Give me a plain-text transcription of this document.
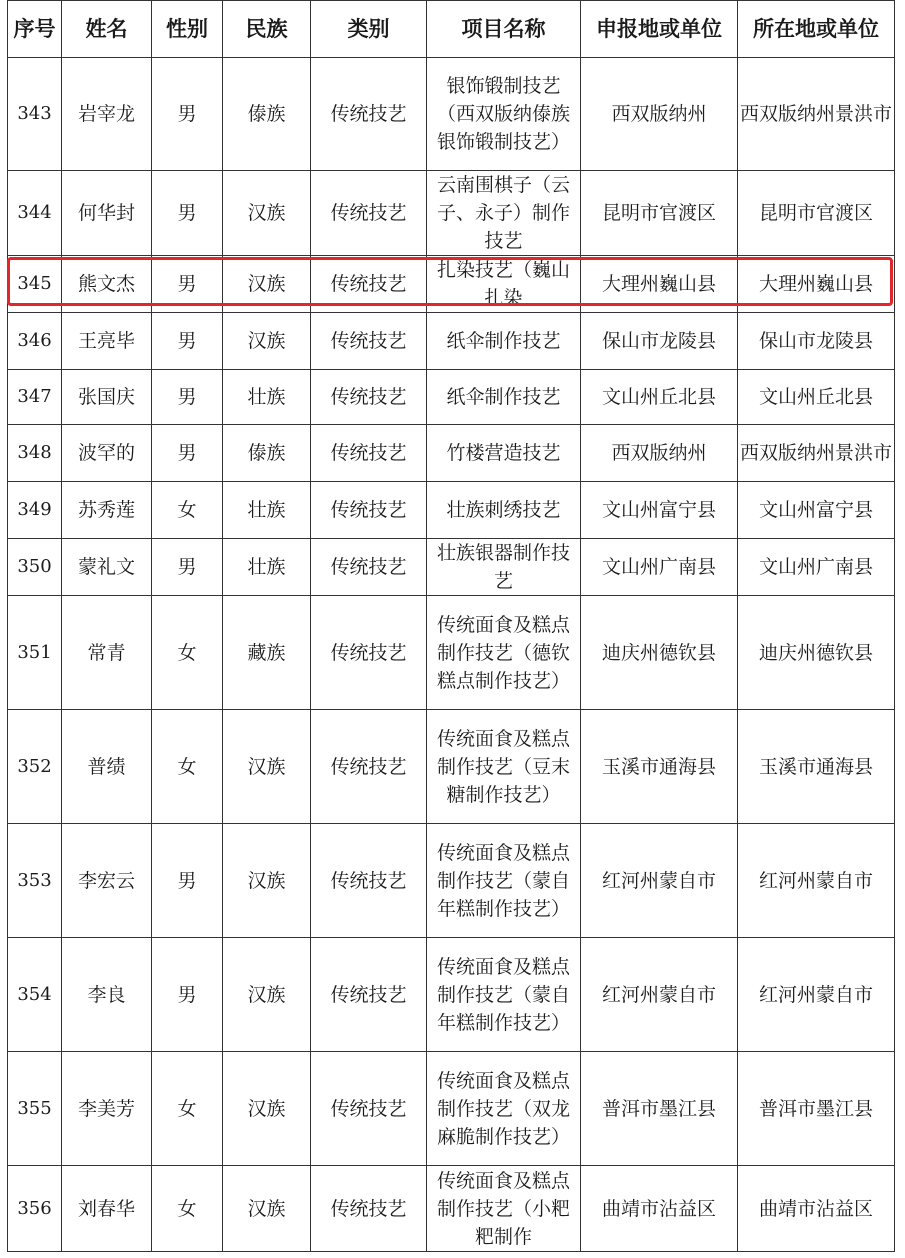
序号	姓名	性别	民族	类别	项目名称	申报地或单位	所在地或单位
343	岩宰龙	男	傣族	传统技艺	银饰锻制技艺（西双版纳傣族银饰锻制技艺）	西双版纳州	西双版纳州景洪市
344	何华封	男	汉族	传统技艺	云南围棋子（云子、永子）制作技艺	昆明市官渡区	昆明市官渡区
345	熊文杰	男	汉族	传统技艺	扎染技艺（巍山扎染	大理州巍山县	大理州巍山县
346	王亮毕	男	汉族	传统技艺	纸伞制作技艺	保山市龙陵县	保山市龙陵县
347	张国庆	男	壮族	传统技艺	纸伞制作技艺	文山州丘北县	文山州丘北县
348	波罕的	男	傣族	传统技艺	竹楼营造技艺	西双版纳州	西双版纳州景洪市
349	苏秀莲	女	壮族	传统技艺	壮族刺绣技艺	文山州富宁县	文山州富宁县
350	蒙礼文	男	壮族	传统技艺	壮族银器制作技艺	文山州广南县	文山州广南县
351	常青	女	藏族	传统技艺	传统面食及糕点制作技艺（德钦糕点制作技艺）	迪庆州德钦县	迪庆州德钦县
352	普绩	女	汉族	传统技艺	传统面食及糕点制作技艺（豆末糖制作技艺）	玉溪市通海县	玉溪市通海县
353	李宏云	男	汉族	传统技艺	传统面食及糕点制作技艺（蒙自年糕制作技艺）	红河州蒙自市	红河州蒙自市
354	李良	男	汉族	传统技艺	传统面食及糕点制作技艺（蒙自年糕制作技艺）	红河州蒙自市	红河州蒙自市
355	李美芳	女	汉族	传统技艺	传统面食及糕点制作技艺（双龙麻脆制作技艺）	普洱市墨江县	普洱市墨江县
356	刘春华	女	汉族	传统技艺	传统面食及糕点制作技艺（小粑粑制作	曲靖市沾益区	曲靖市沾益区
